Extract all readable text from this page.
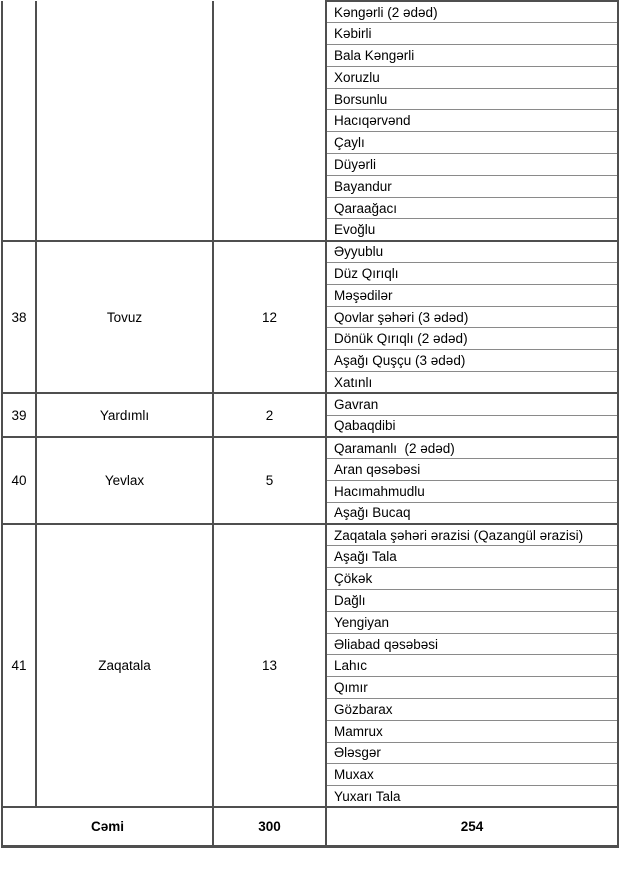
			Kəngərli (2 ədəd)
			Kəbirli
			Bala Kəngərli
			Xoruzlu
			Borsunlu
			Hacıqərvənd
			Çaylı
			Düyərli
			Bayandur
			Qaraağacı
			Evoğlu
38	Tovuz	12	Əyyublu
			Düz Qırıqlı
			Məşədilər
			Qovlar şəhəri (3 ədəd)
			Dönük Qırıqlı (2 ədəd)
			Aşağı Quşçu (3 ədəd)
			Xatınlı
39	Yardımlı	2	Gavran
			Qabaqdibi
40	Yevlax	5	Qaramanlı  (2 ədəd)
			Aran qəsəbəsi
			Hacımahmudlu
			Aşağı Bucaq
41	Zaqatala	13	Zaqatala şəhəri ərazisi (Qazangül ərazisi)
			Aşağı Tala
			Çökək
			Dağlı
			Yengiyan
			Əliabad qəsəbəsi
			Lahıc
			Qımır
			Gözbarax
			Mamrux
			Ələsgər
			Muxax
			Yuxarı Tala
Cəmi		300	254
